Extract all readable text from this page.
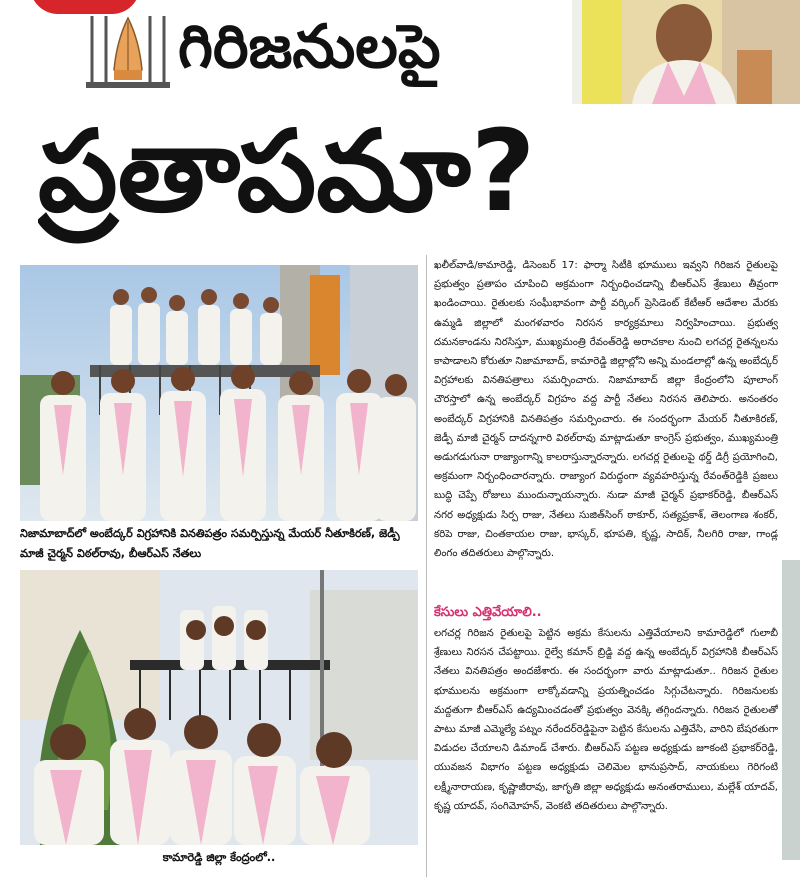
గిరిజనులపై
ప్రతాపమా?
నిజామాబాద్‌లో అంబేద్కర్ విగ్రహానికి వినతిపత్రం సమర్పిస్తున్న మేయర్ నీతూకిరణ్, జెడ్పీ మాజీ చైర్మన్ విఠల్‌రావు, బీఆర్ఎస్ నేతలు
కామారెడ్డి జిల్లా కేంద్రంలో..
ఖలీల్‌వాడి/కామారెడ్డి, డిసెంబర్ 17: ఫార్మా సిటీకి భూములు ఇవ్వని గిరిజన రైతులపై ప్రభుత్వం ప్రతాపం చూపించి అక్రమంగా నిర్బంధించడాన్ని బీఆర్ఎస్ శ్రేణులు తీవ్రంగా ఖండించాయి. రైతులకు సంఘీభావంగా పార్టీ వర్కింగ్ ప్రెసిడెంట్ కేటీఆర్ ఆదేశాల మేరకు ఉమ్మడి జిల్లాలో మంగళవారం నిరసన కార్యక్రమాలు నిర్వహించాయి. ప్రభుత్వ దమనకాండను నిరసిస్తూ, ముఖ్యమంత్రి రేవంత్‌రెడ్డి అరాచకాల నుంచి లగచర్ల రైతన్నలను కాపాడాలని కోరుతూ నిజామాబాద్, కామారెడ్డి జిల్లాల్లోని అన్ని మండలాల్లో ఉన్న అంబేద్కర్ విగ్రహాలకు వినతిపత్రాలు సమర్పించారు. నిజామాబాద్ జిల్లా కేంద్రంలోని పూలాంగ్ చౌరస్తాలో ఉన్న అంబేద్కర్ విగ్రహం వద్ద పార్టీ నేతలు నిరసన తెలిపారు. అనంతరం అంబేద్కర్ విగ్రహానికి వినతిపత్రం సమర్పించారు. ఈ సందర్భంగా మేయర్ నీతూకిరణ్, జెడ్పీ మాజీ చైర్మన్ దాదన్నగారి విఠల్‌రావు మాట్లాడుతూ కాంగ్రెస్ ప్రభుత్వం, ముఖ్యమంత్రి అడుగడుగునా రాజ్యాంగాన్ని కాలరాస్తున్నారన్నారు. లగచర్ల రైతులపై థర్డ్ డిగ్రీ ప్రయోగించి, అక్రమంగా నిర్బంధించారన్నారు. రాజ్యాంగ విరుద్ధంగా వ్యవహరిస్తున్న రేవంత్‌రెడ్డికి ప్రజలు బుద్ధి చెప్పే రోజులు ముందున్నాయన్నారు. నుడా మాజీ చైర్మన్ ప్రభాకర్‌రెడ్డి, బీఆర్ఎస్ నగర అధ్యక్షుడు సిర్ప రాజు, నేతలు సుజిత్‌సింగ్ ఠాకూర్, సత్యప్రకాశ్, తెలంగాణ శంకర్, కరిపె రాజు, చింతకాయల రాజు, భాస్కర్, భూపతి, కృష్ణ, సాదిక్, నీలగిరి రాజు, గాండ్ల లింగం తదితరులు పాల్గొన్నారు.
కేసులు ఎత్తివేయాలి..
లగచర్ల గిరిజన రైతులపై పెట్టిన అక్రమ కేసులను ఎత్తివేయాలని కామారెడ్డిలో గులాబీ శ్రేణులు నిరసన చేపట్టాయి. రైల్వే కమాన్ బ్రిడ్జి వద్ద ఉన్న అంబేద్కర్ విగ్రహానికి బీఆర్ఎస్ నేతలు వినతిపత్రం అందజేశారు. ఈ సందర్భంగా వారు మాట్లాడుతూ.. గిరిజన రైతుల భూములను అక్రమంగా లాక్కోవడాన్ని ప్రయత్నించడం సిగ్గుచేటన్నారు. గిరిజనులకు మద్దతుగా బీఆర్ఎస్ ఉద్యమించడంతో ప్రభుత్వం వెనక్కి తగ్గిందన్నారు. గిరిజన రైతులతో పాటు మాజీ ఎమ్మెల్యే పట్నం నరేందర్‌రెడ్డిపైనా పెట్టిన కేసులను ఎత్తివేసి, వారిని బేషరతుగా విడుదల చేయాలని డిమాండ్ చేశారు. బీఆర్ఎస్ పట్టణ అధ్యక్షుడు జూకంటి ప్రభాకర్‌రెడ్డి, యువజన విభాగం పట్టణ అధ్యక్షుడు చెలిమెల భానుప్రసాద్, నాయకులు గెరిగంటి లక్ష్మీనారాయణ, కృష్ణాజీరావు, జాగృతి జిల్లా అధ్యక్షుడు అనంతరాములు, మల్లేశ్ యాదవ్, కృష్ణ యాదవ్, సంగిమోహన్, వెంకటి తదితరులు పాల్గొన్నారు.
